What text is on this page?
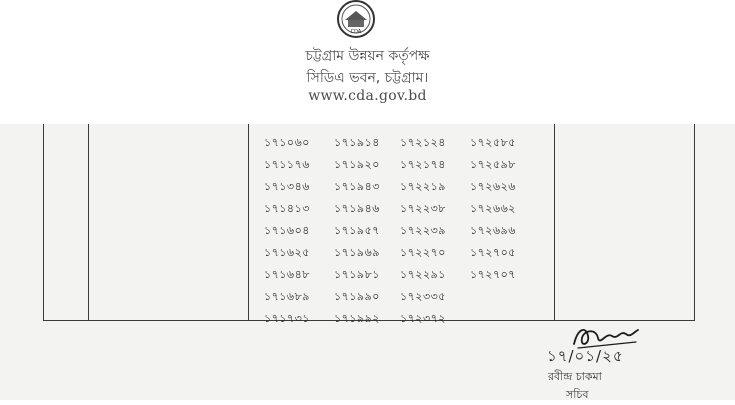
CDA
চট্টগ্রাম উন্নয়ন কর্তৃপক্ষ
সিডিএ ভবন, চট্টগ্রাম।
www.cda.gov.bd
১৭১০৬০
১৭১১৭৬
১৭১৩৪৬
১৭১৪১৩
১৭১৬০৪
১৭১৬২৫
১৭১৬৪৮
১৭১৬৮৯
১৭১৭৩১
১৭১৯১৪
১৭১৯২০
১৭১৯৪৩
১৭১৯৪৬
১৭১৯৫৭
১৭১৯৬৯
১৭১৯৮১
১৭১৯৯০
১৭১৯৯২
১৭২১২৪
১৭২১৭৪
১৭২২১৯
১৭২২৩৮
১৭২২৩৯
১৭২২৭০
১৭২২৯১
১৭২৩৩৫
১৭২৩৭২
১৭২৫৮৫
১৭২৫৯৮
১৭২৬২৬
১৭২৬৬২
১৭২৬৯৬
১৭২৭০৫
১৭২৭০৭
১৭/০১/২৫
রবীন্দ্র চাকমা
সচিব
